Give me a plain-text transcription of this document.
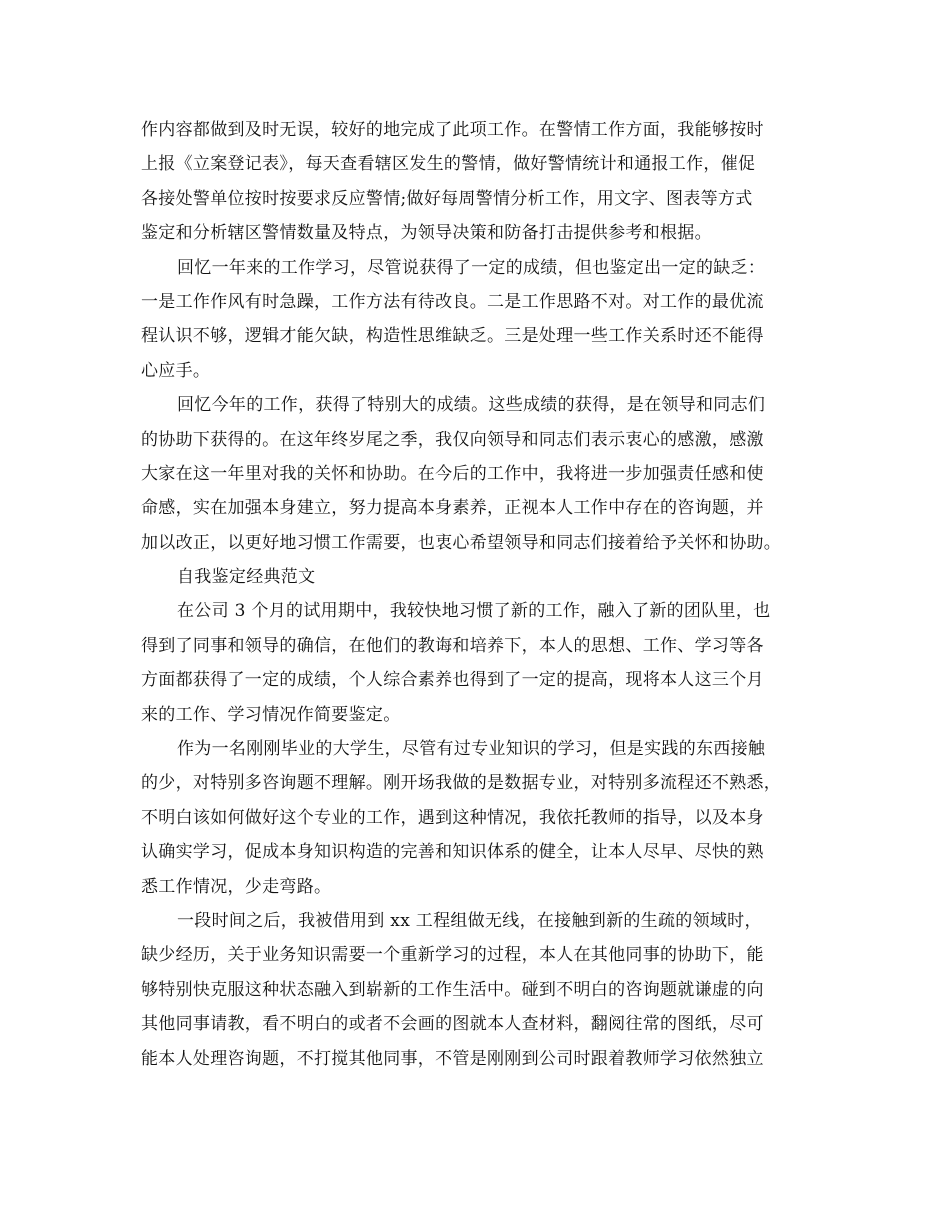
作内容都做到及时无误，较好的地完成了此项工作。在警情工作方面，我能够按时
上报《立案登记表》，每天查看辖区发生的警情，做好警情统计和通报工作，催促
各接处警单位按时按要求反应警情;做好每周警情分析工作，用文字、图表等方式
鉴定和分析辖区警情数量及特点，为领导决策和防备打击提供参考和根据。
回忆一年来的工作学习，尽管说获得了一定的成绩，但也鉴定出一定的缺乏：
一是工作作风有时急躁，工作方法有待改良。二是工作思路不对。对工作的最优流
程认识不够，逻辑才能欠缺，构造性思维缺乏。三是处理一些工作关系时还不能得
心应手。
回忆今年的工作，获得了特别大的成绩。这些成绩的获得，是在领导和同志们
的协助下获得的。在这年终岁尾之季，我仅向领导和同志们表示衷心的感激，感激
大家在这一年里对我的关怀和协助。在今后的工作中，我将进一步加强责任感和使
命感，实在加强本身建立，努力提高本身素养，正视本人工作中存在的咨询题，并
加以改正，以更好地习惯工作需要，也衷心希望领导和同志们接着给予关怀和协助。
自我鉴定经典范文
在公司 3 个月的试用期中，我较快地习惯了新的工作，融入了新的团队里，也
得到了同事和领导的确信，在他们的教诲和培养下，本人的思想、工作、学习等各
方面都获得了一定的成绩，个人综合素养也得到了一定的提高，现将本人这三个月
来的工作、学习情况作简要鉴定。
作为一名刚刚毕业的大学生，尽管有过专业知识的学习，但是实践的东西接触
的少，对特别多咨询题不理解。刚开场我做的是数据专业，对特别多流程还不熟悉，
不明白该如何做好这个专业的工作，遇到这种情况，我依托教师的指导，以及本身
认确实学习，促成本身知识构造的完善和知识体系的健全，让本人尽早、尽快的熟
悉工作情况，少走弯路。
一段时间之后，我被借用到 xx 工程组做无线，在接触到新的生疏的领域时，
缺少经历，关于业务知识需要一个重新学习的过程，本人在其他同事的协助下，能
够特别快克服这种状态融入到崭新的工作生活中。碰到不明白的咨询题就谦虚的向
其他同事请教，看不明白的或者不会画的图就本人查材料，翻阅往常的图纸，尽可
能本人处理咨询题，不打搅其他同事，不管是刚刚到公司时跟着教师学习依然独立
